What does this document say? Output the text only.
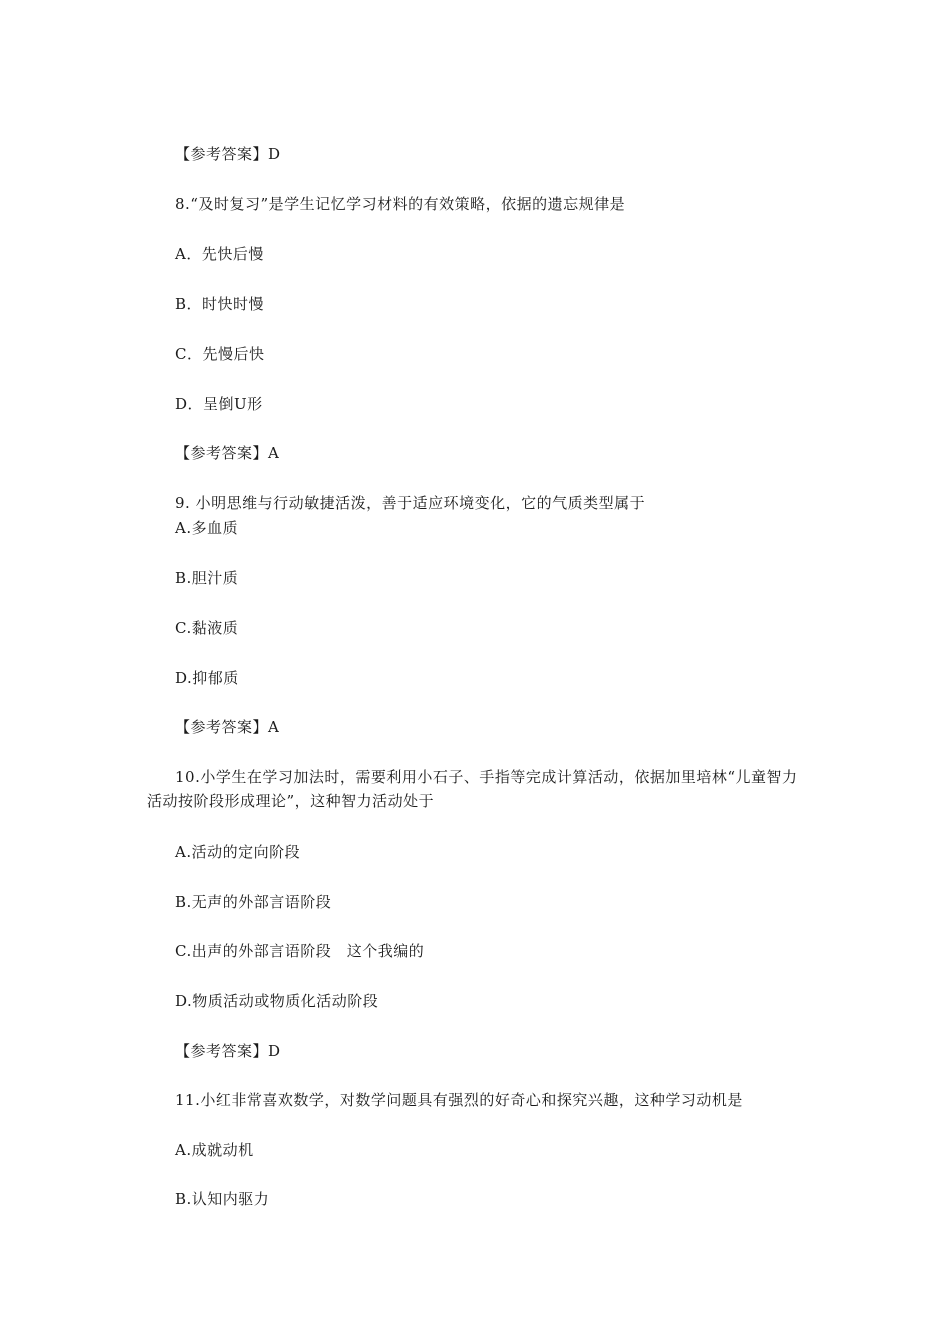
【参考答案】D
8.“及时复习”是学生记忆学习材料的有效策略，依据的遗忘规律是
A．先快后慢
B．时快时慢
C．先慢后快
D．呈倒U形
【参考答案】A
9. 小明思维与行动敏捷活泼，善于适应环境变化，它的气质类型属于
A.多血质
B.胆汁质
C.黏液质
D.抑郁质
【参考答案】A
10.小学生在学习加法时，需要利用小石子、手指等完成计算活动，依据加里培林“儿童智力活动按阶段形成理论”，这种智力活动处于
A.活动的定向阶段
B.无声的外部言语阶段
C.出声的外部言语阶段　这个我编的
D.物质活动或物质化活动阶段
【参考答案】D
11.小红非常喜欢数学，对数学问题具有强烈的好奇心和探究兴趣，这种学习动机是
A.成就动机
B.认知内驱力
